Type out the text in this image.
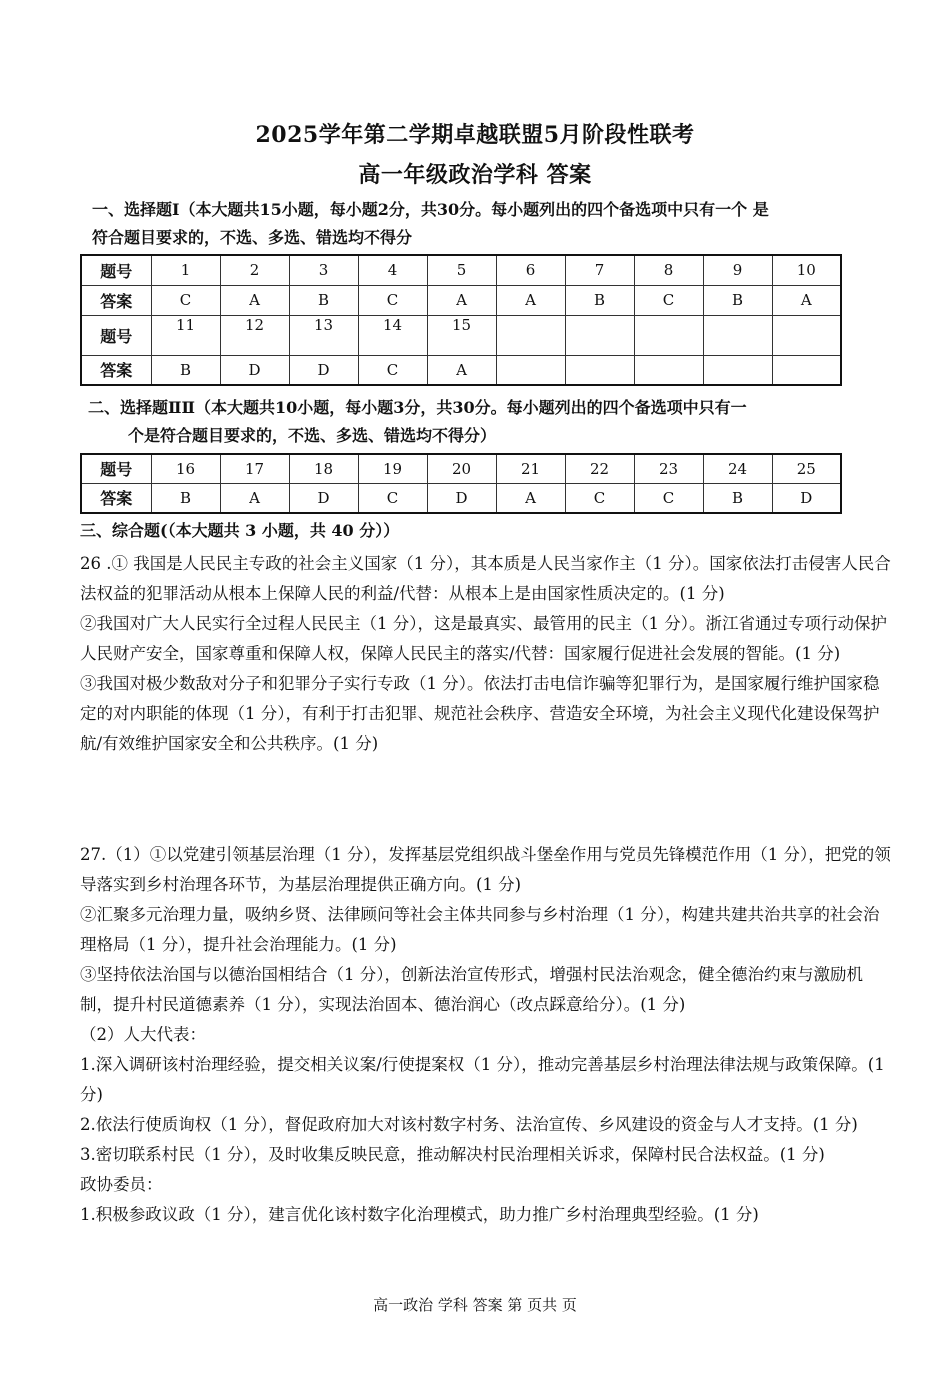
2025学年第二学期卓越联盟5月阶段性联考
高一年级政治学科 答案
一、选择题Ⅰ（本大题共15小题，每小题2分，共30分。每小题列出的四个备选项中只有一个 是
符合题目要求的，不选、多选、错选均不得分
题号	1	2	3	4	5	6	7	8	9	10
答案	C	A	B	C	A	A	B	C	B	A
题号	11	12	13	14	15					
答案	B	D	D	C	A					
二、选择题ⅡⅡ（本大题共10小题，每小题3分，共30分。每小题列出的四个备选项中只有一
个是符合题目要求的，不选、多选、错选均不得分）
题号	16	17	18	19	20	21	22	23	24	25
答案	B	A	D	C	D	A	C	C	B	D
三、综合题(（本大题共 3 小题，共 40 分））

26 .① 我国是人民民主专政的社会主义国家（1 分），其本质是人民当家作主（1 分）。国家依法打击侵害人民合法权益的犯罪活动从根本上保障人民的利益/代替：从根本上是由国家性质决定的。(1 分)

②我国对广大人民实行全过程人民民主（1 分），这是最真实、最管用的民主（1 分）。浙江省通过专项行动保护人民财产安全，国家尊重和保障人权，保障人民民主的落实/代替：国家履行促进社会发展的智能。(1 分)

③我国对极少数敌对分子和犯罪分子实行专政（1 分）。依法打击电信诈骗等犯罪行为，是国家履行维护国家稳定的对内职能的体现（1 分），有利于打击犯罪、规范社会秩序、营造安全环境，为社会主义现代化建设保驾护航/有效维护国家安全和公共秩序。(1 分)

27.（1）①以党建引领基层治理（1 分），发挥基层党组织战斗堡垒作用与党员先锋模范作用（1 分），把党的领导落实到乡村治理各环节，为基层治理提供正确方向。(1 分)

②汇聚多元治理力量，吸纳乡贤、法律顾问等社会主体共同参与乡村治理（1 分），构建共建共治共享的社会治理格局（1 分），提升社会治理能力。(1 分)

③坚持依法治国与以德治国相结合（1 分），创新法治宣传形式，增强村民法治观念，健全德治约束与激励机制，提升村民道德素养（1 分），实现法治固本、德治润心（改点踩意给分）。(1 分)

（2）人大代表：

1.深入调研该村治理经验，提交相关议案/行使提案权（1 分），推动完善基层乡村治理法律法规与政策保障。(1 分)

2.依法行使质询权（1 分），督促政府加大对该村数字村务、法治宣传、乡风建设的资金与人才支持。(1 分)

3.密切联系村民（1 分），及时收集反映民意，推动解决村民治理相关诉求，保障村民合法权益。(1 分)

政协委员：

1.积极参政议政（1 分），建言优化该村数字化治理模式，助力推广乡村治理典型经验。(1 分)

高一政治 学科 答案 第 页共 页
